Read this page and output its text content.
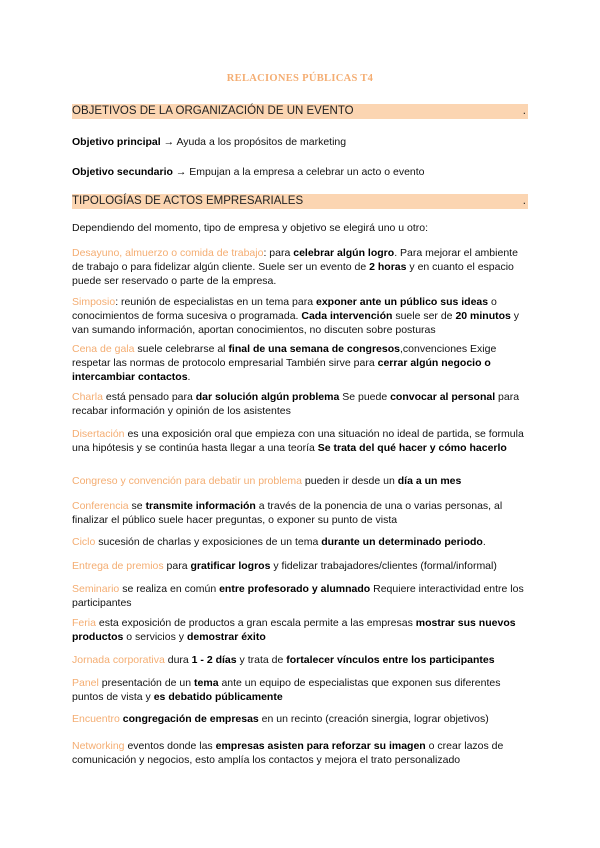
RELACIONES PÚBLICAS T4
OBJETIVOS DE LA ORGANIZACIÓN DE UN EVENTO	.
Objetivo principal → Ayuda a los propósitos de marketing
Objetivo secundario → Empujan a la empresa a celebrar un acto o evento
TIPOLOGÍAS DE ACTOS EMPRESARIALES	.
Dependiendo del momento, tipo de empresa y objetivo se elegirá uno u otro:
Desayuno, almuerzo o comida de trabajo: para celebrar algún logro. Para mejorar el ambiente de trabajo o para fidelizar algún cliente. Suele ser un evento de 2 horas y en cuanto el espacio puede ser reservado o parte de la empresa.
Simposio: reunión de especialistas en un tema para exponer ante un público sus ideas o conocimientos de forma sucesiva o programada. Cada intervención suele ser de 20 minutos y van sumando información, aportan conocimientos, no discuten sobre posturas
Cena de gala suele celebrarse al final de una semana de congresos,convenciones Exige respetar las normas de protocolo empresarial También sirve para cerrar algún negocio o intercambiar contactos.
Charla está pensado para dar solución algún problema Se puede convocar al personal para recabar información y opinión de los asistentes
Disertación es una exposición oral que empieza con una situación no ideal de partida, se formula una hipótesis y se continúa hasta llegar a una teoría Se trata del qué hacer y cómo hacerlo
Congreso y convención para debatir un problema pueden ir desde un día a un mes
Conferencia se transmite información a través de la ponencia de una o varias personas, al finalizar el público suele hacer preguntas, o exponer su punto de vista
Ciclo sucesión de charlas y exposiciones de un tema durante un determinado periodo.
Entrega de premios para gratificar logros y fidelizar trabajadores/clientes (formal/informal)
Seminario se realiza en común entre profesorado y alumnado Requiere interactividad entre los participantes
Feria esta exposición de productos a gran escala permite a las empresas mostrar sus nuevos productos o servicios y demostrar éxito
Jornada corporativa dura 1 - 2 días y trata de fortalecer vínculos entre los participantes
Panel presentación de un tema ante un equipo de especialistas que exponen sus diferentes puntos de vista y es debatido públicamente
Encuentro congregación de empresas en un recinto (creación sinergia, lograr objetivos)
Networking eventos donde las empresas asisten para reforzar su imagen o crear lazos de comunicación y negocios, esto amplía los contactos y mejora el trato personalizado
